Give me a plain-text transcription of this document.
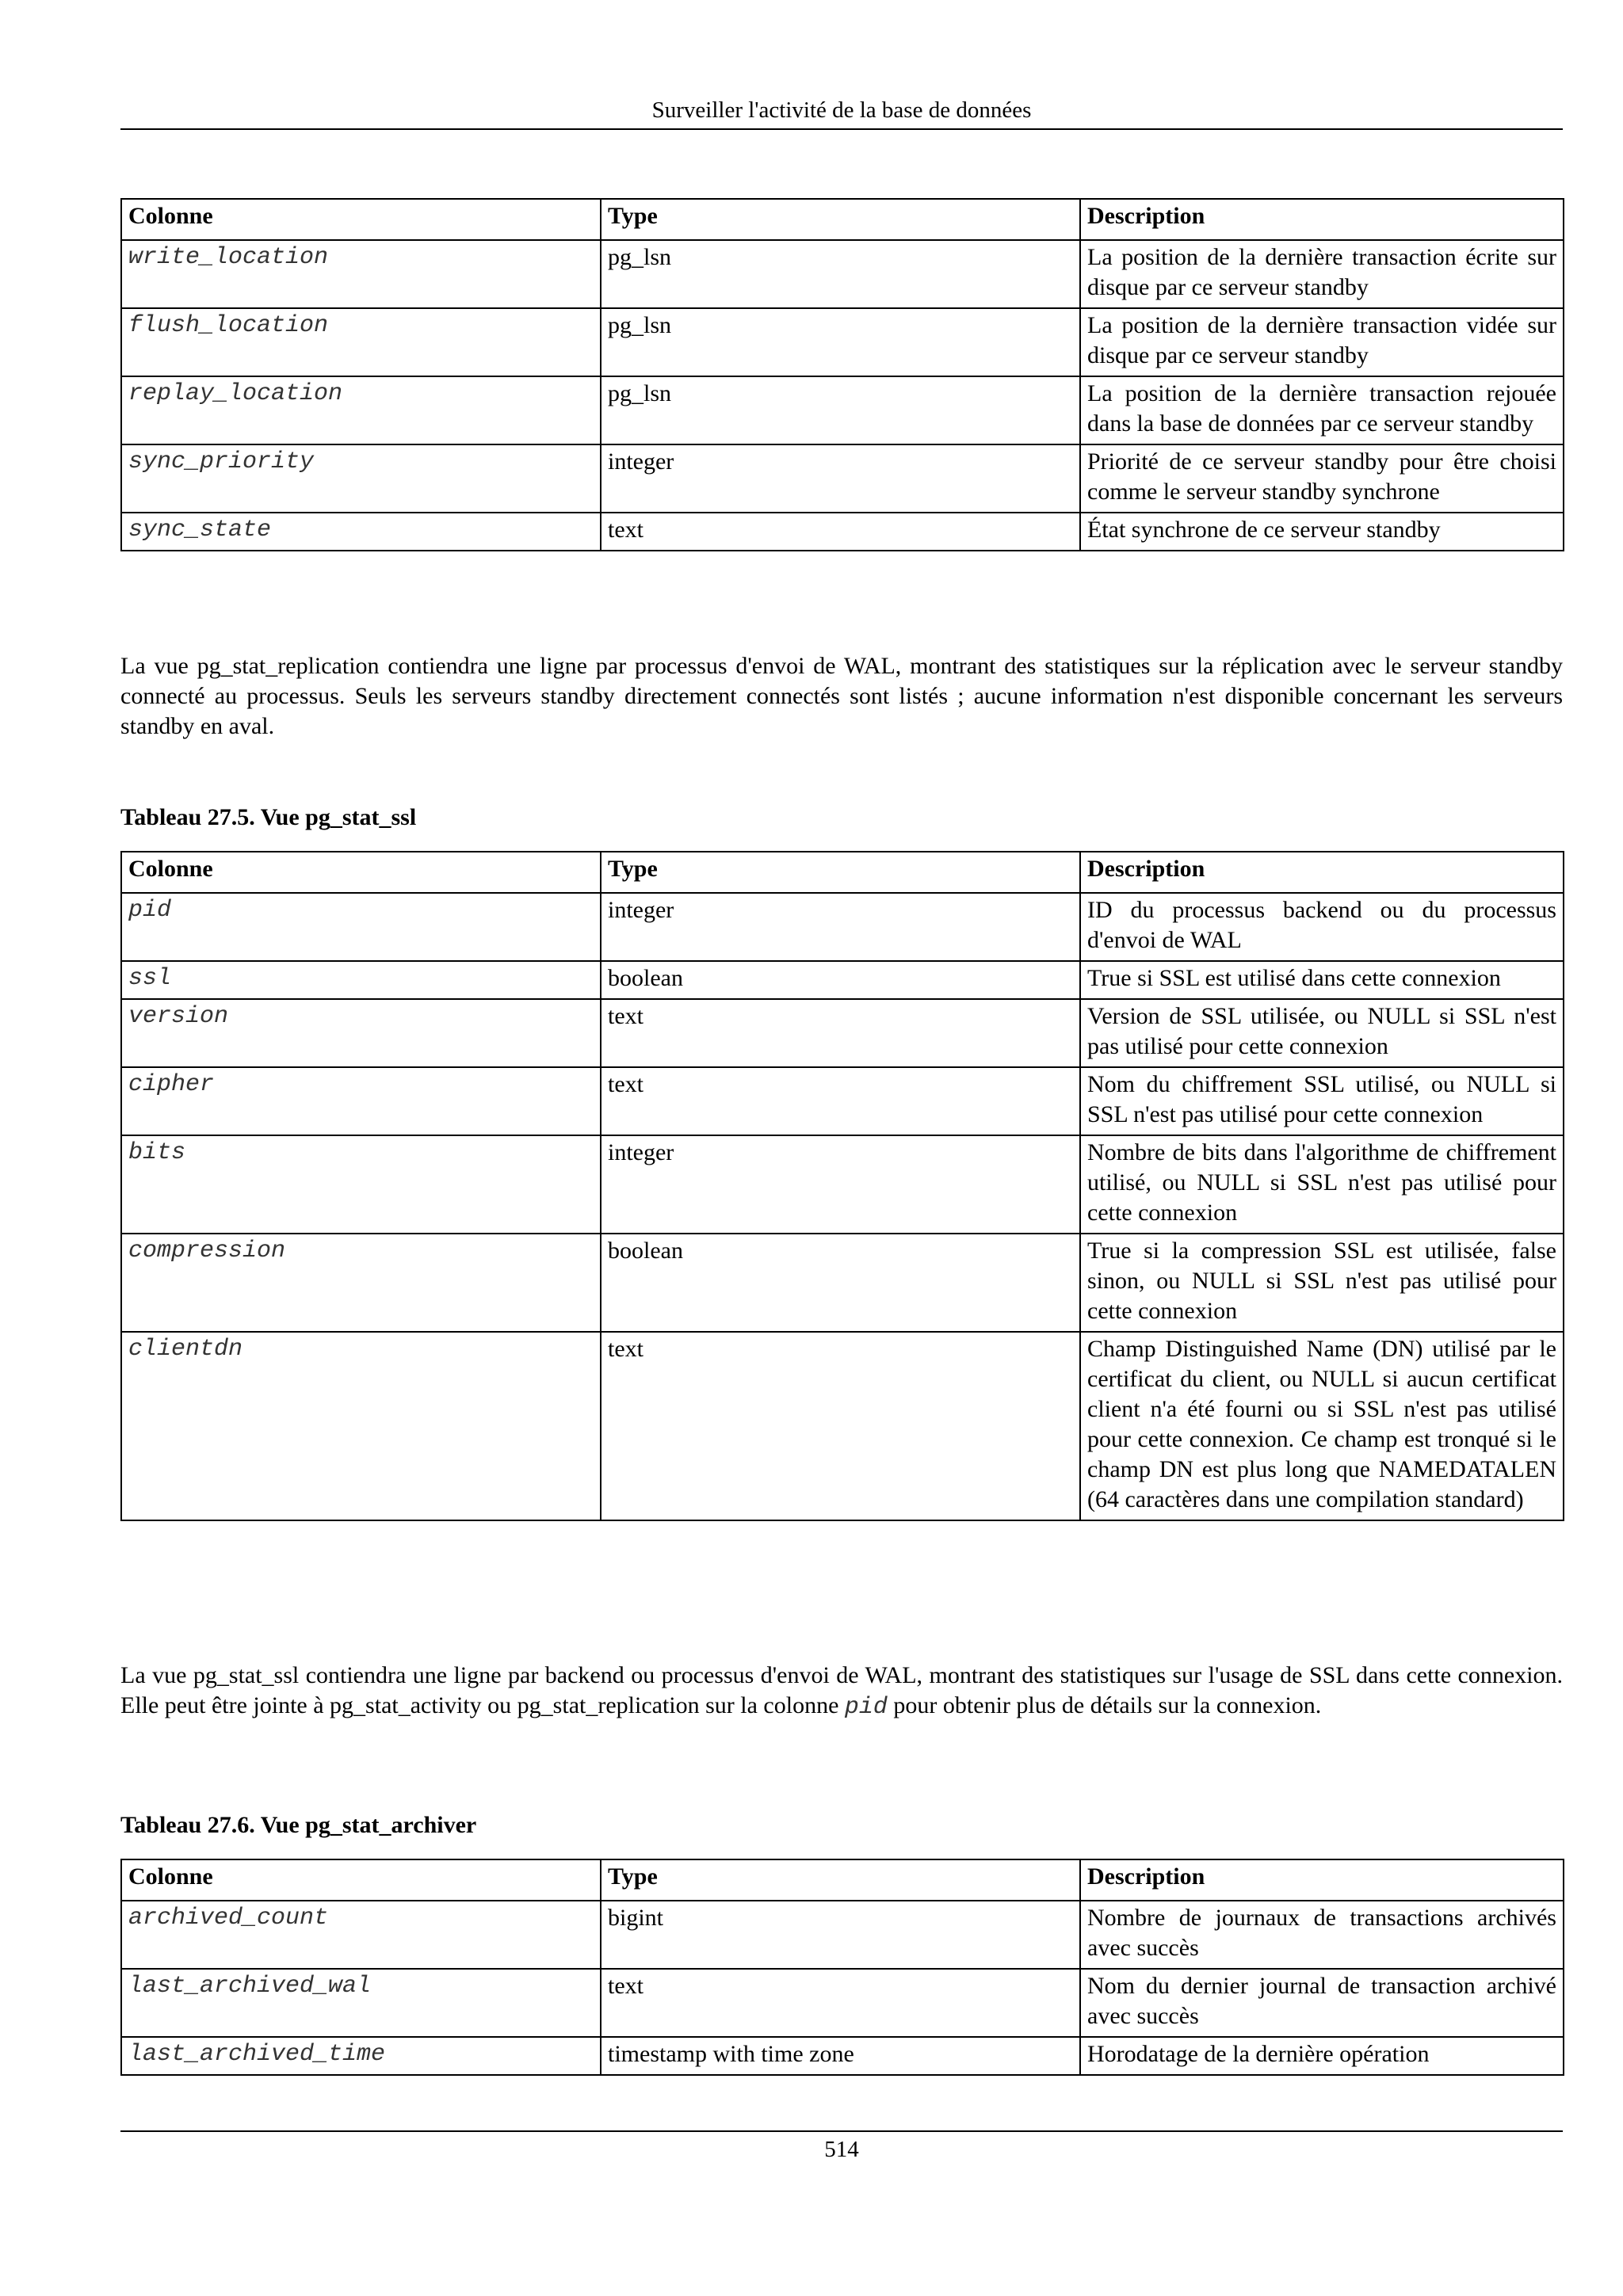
Surveiller l'activité de la base de données
Colonne	Type	Description
write_location	pg_lsn	La position de la dernière transaction écrite sur disque par ce serveur standby
flush_location	pg_lsn	La position de la dernière transaction vidée sur disque par ce serveur standby
replay_location	pg_lsn	La position de la dernière transaction rejouée dans la base de données par ce serveur standby
sync_priority	integer	Priorité de ce serveur standby pour être choisi comme le serveur standby synchrone
sync_state	text	État synchrone de ce serveur standby

La vue pg_stat_replication contiendra une ligne par processus d'envoi de WAL, montrant des statistiques sur la réplication avec le serveur standby connecté au processus. Seuls les serveurs standby directement connectés sont listés ; aucune information n'est disponible concernant les serveurs standby en aval.

Tableau 27.5. Vue pg_stat_ssl
Colonne	Type	Description
pid	integer	ID du processus backend ou du processus d'envoi de WAL
ssl	boolean	True si SSL est utilisé dans cette connexion
version	text	Version de SSL utilisée, ou NULL si SSL n'est pas utilisé pour cette connexion
cipher	text	Nom du chiffrement SSL utilisé, ou NULL si SSL n'est pas utilisé pour cette connexion
bits	integer	Nombre de bits dans l'algorithme de chiffrement utilisé, ou NULL si SSL n'est pas utilisé pour cette connexion
compression	boolean	True si la compression SSL est utilisée, false sinon, ou NULL si SSL n'est pas utilisé pour cette connexion
clientdn	text	Champ Distinguished Name (DN) utilisé par le certificat du client, ou NULL si aucun certificat client n'a été fourni ou si SSL n'est pas utilisé pour cette connexion. Ce champ est tronqué si le champ DN est plus long que NAMEDATALEN (64 caractères dans une compilation standard)

La vue pg_stat_ssl contiendra une ligne par backend ou processus d'envoi de WAL, montrant des statistiques sur l'usage de SSL dans cette connexion. Elle peut être jointe à pg_stat_activity ou pg_stat_replication sur la colonne pid pour obtenir plus de détails sur la connexion.

Tableau 27.6. Vue pg_stat_archiver
Colonne	Type	Description
archived_count	bigint	Nombre de journaux de transactions archivés avec succès
last_archived_wal	text	Nom du dernier journal de transaction archivé avec succès
last_archived_time	timestamp with time zone	Horodatage de la dernière opération
514
